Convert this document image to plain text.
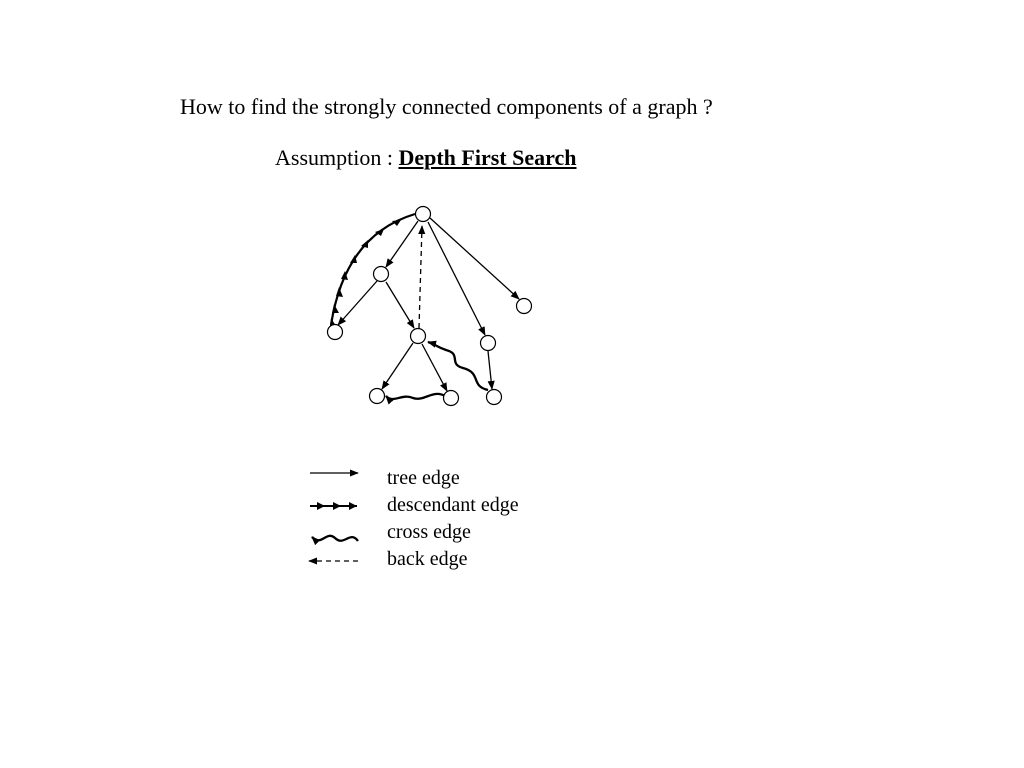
How to find the strongly connected components of a graph ?
Assumption : Depth First Search
tree edge
descendant edge
cross edge
back edge
